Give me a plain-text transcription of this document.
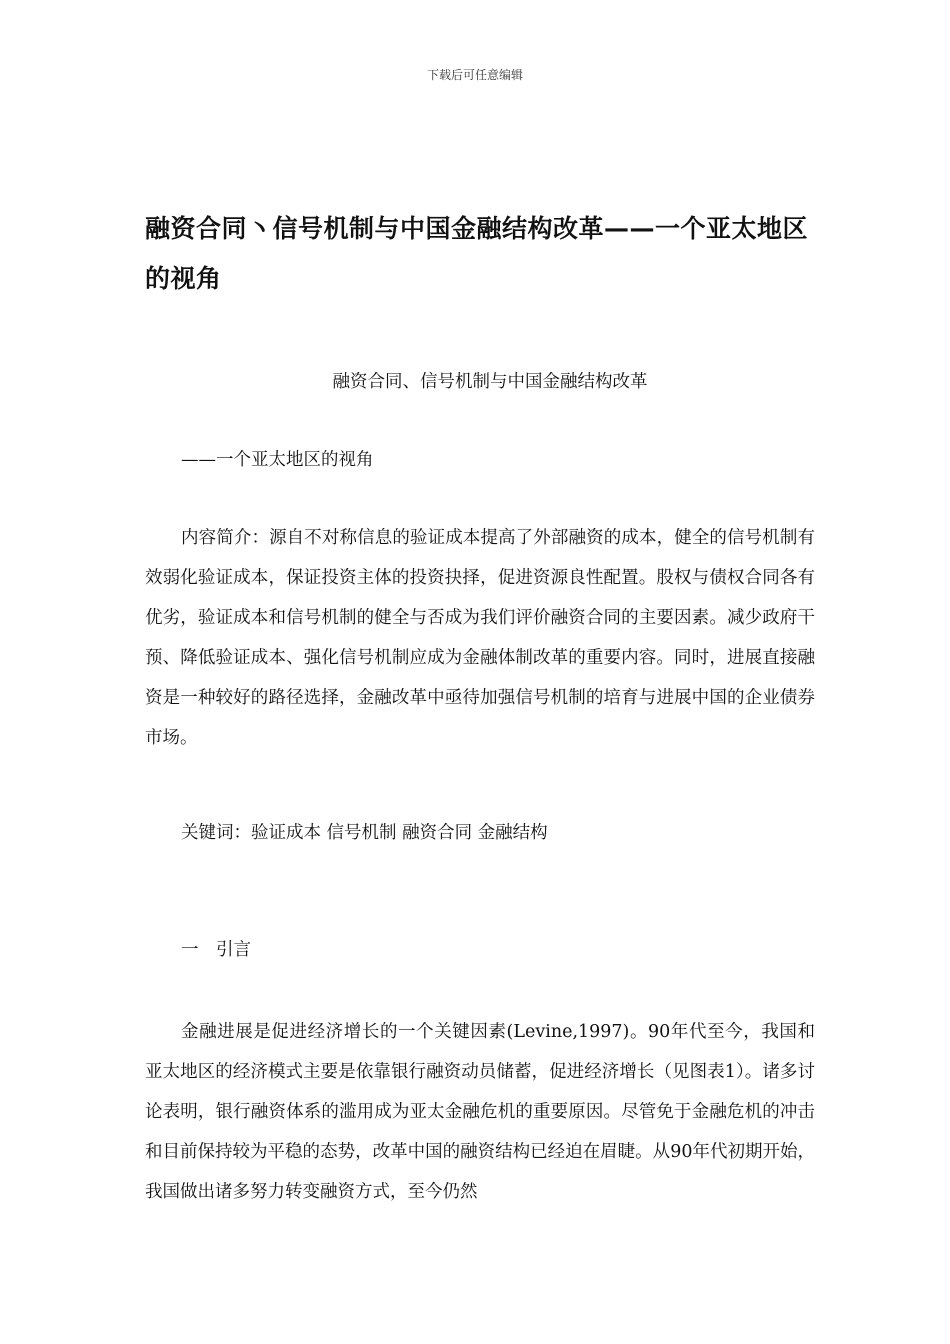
下载后可任意编辑
融资合同丶信号机制与中国金融结构改革——一个亚太地区的视角
融资合同、信号机制与中国金融结构改革
——一个亚太地区的视角
内容简介：源自不对称信息的验证成本提高了外部融资的成本，健全的信号机制有效弱化验证成本，保证投资主体的投资抉择，促进资源良性配置。股权与债权合同各有优劣，验证成本和信号机制的健全与否成为我们评价融资合同的主要因素。减少政府干预、降低验证成本、强化信号机制应成为金融体制改革的重要内容。同时，进展直接融资是一种较好的路径选择，金融改革中亟待加强信号机制的培育与进展中国的企业债券市场。
关键词：验证成本 信号机制 融资合同 金融结构
一　引言
金融进展是促进经济增长的一个关键因素(Levine,1997)。90年代至今，我国和亚太地区的经济模式主要是依靠银行融资动员储蓄，促进经济增长（见图表1）。诸多讨论表明，银行融资体系的滥用成为亚太金融危机的重要原因。尽管免于金融危机的冲击和目前保持较为平稳的态势，改革中国的融资结构已经迫在眉睫。从90年代初期开始，我国做出诸多努力转变融资方式，至今仍然
